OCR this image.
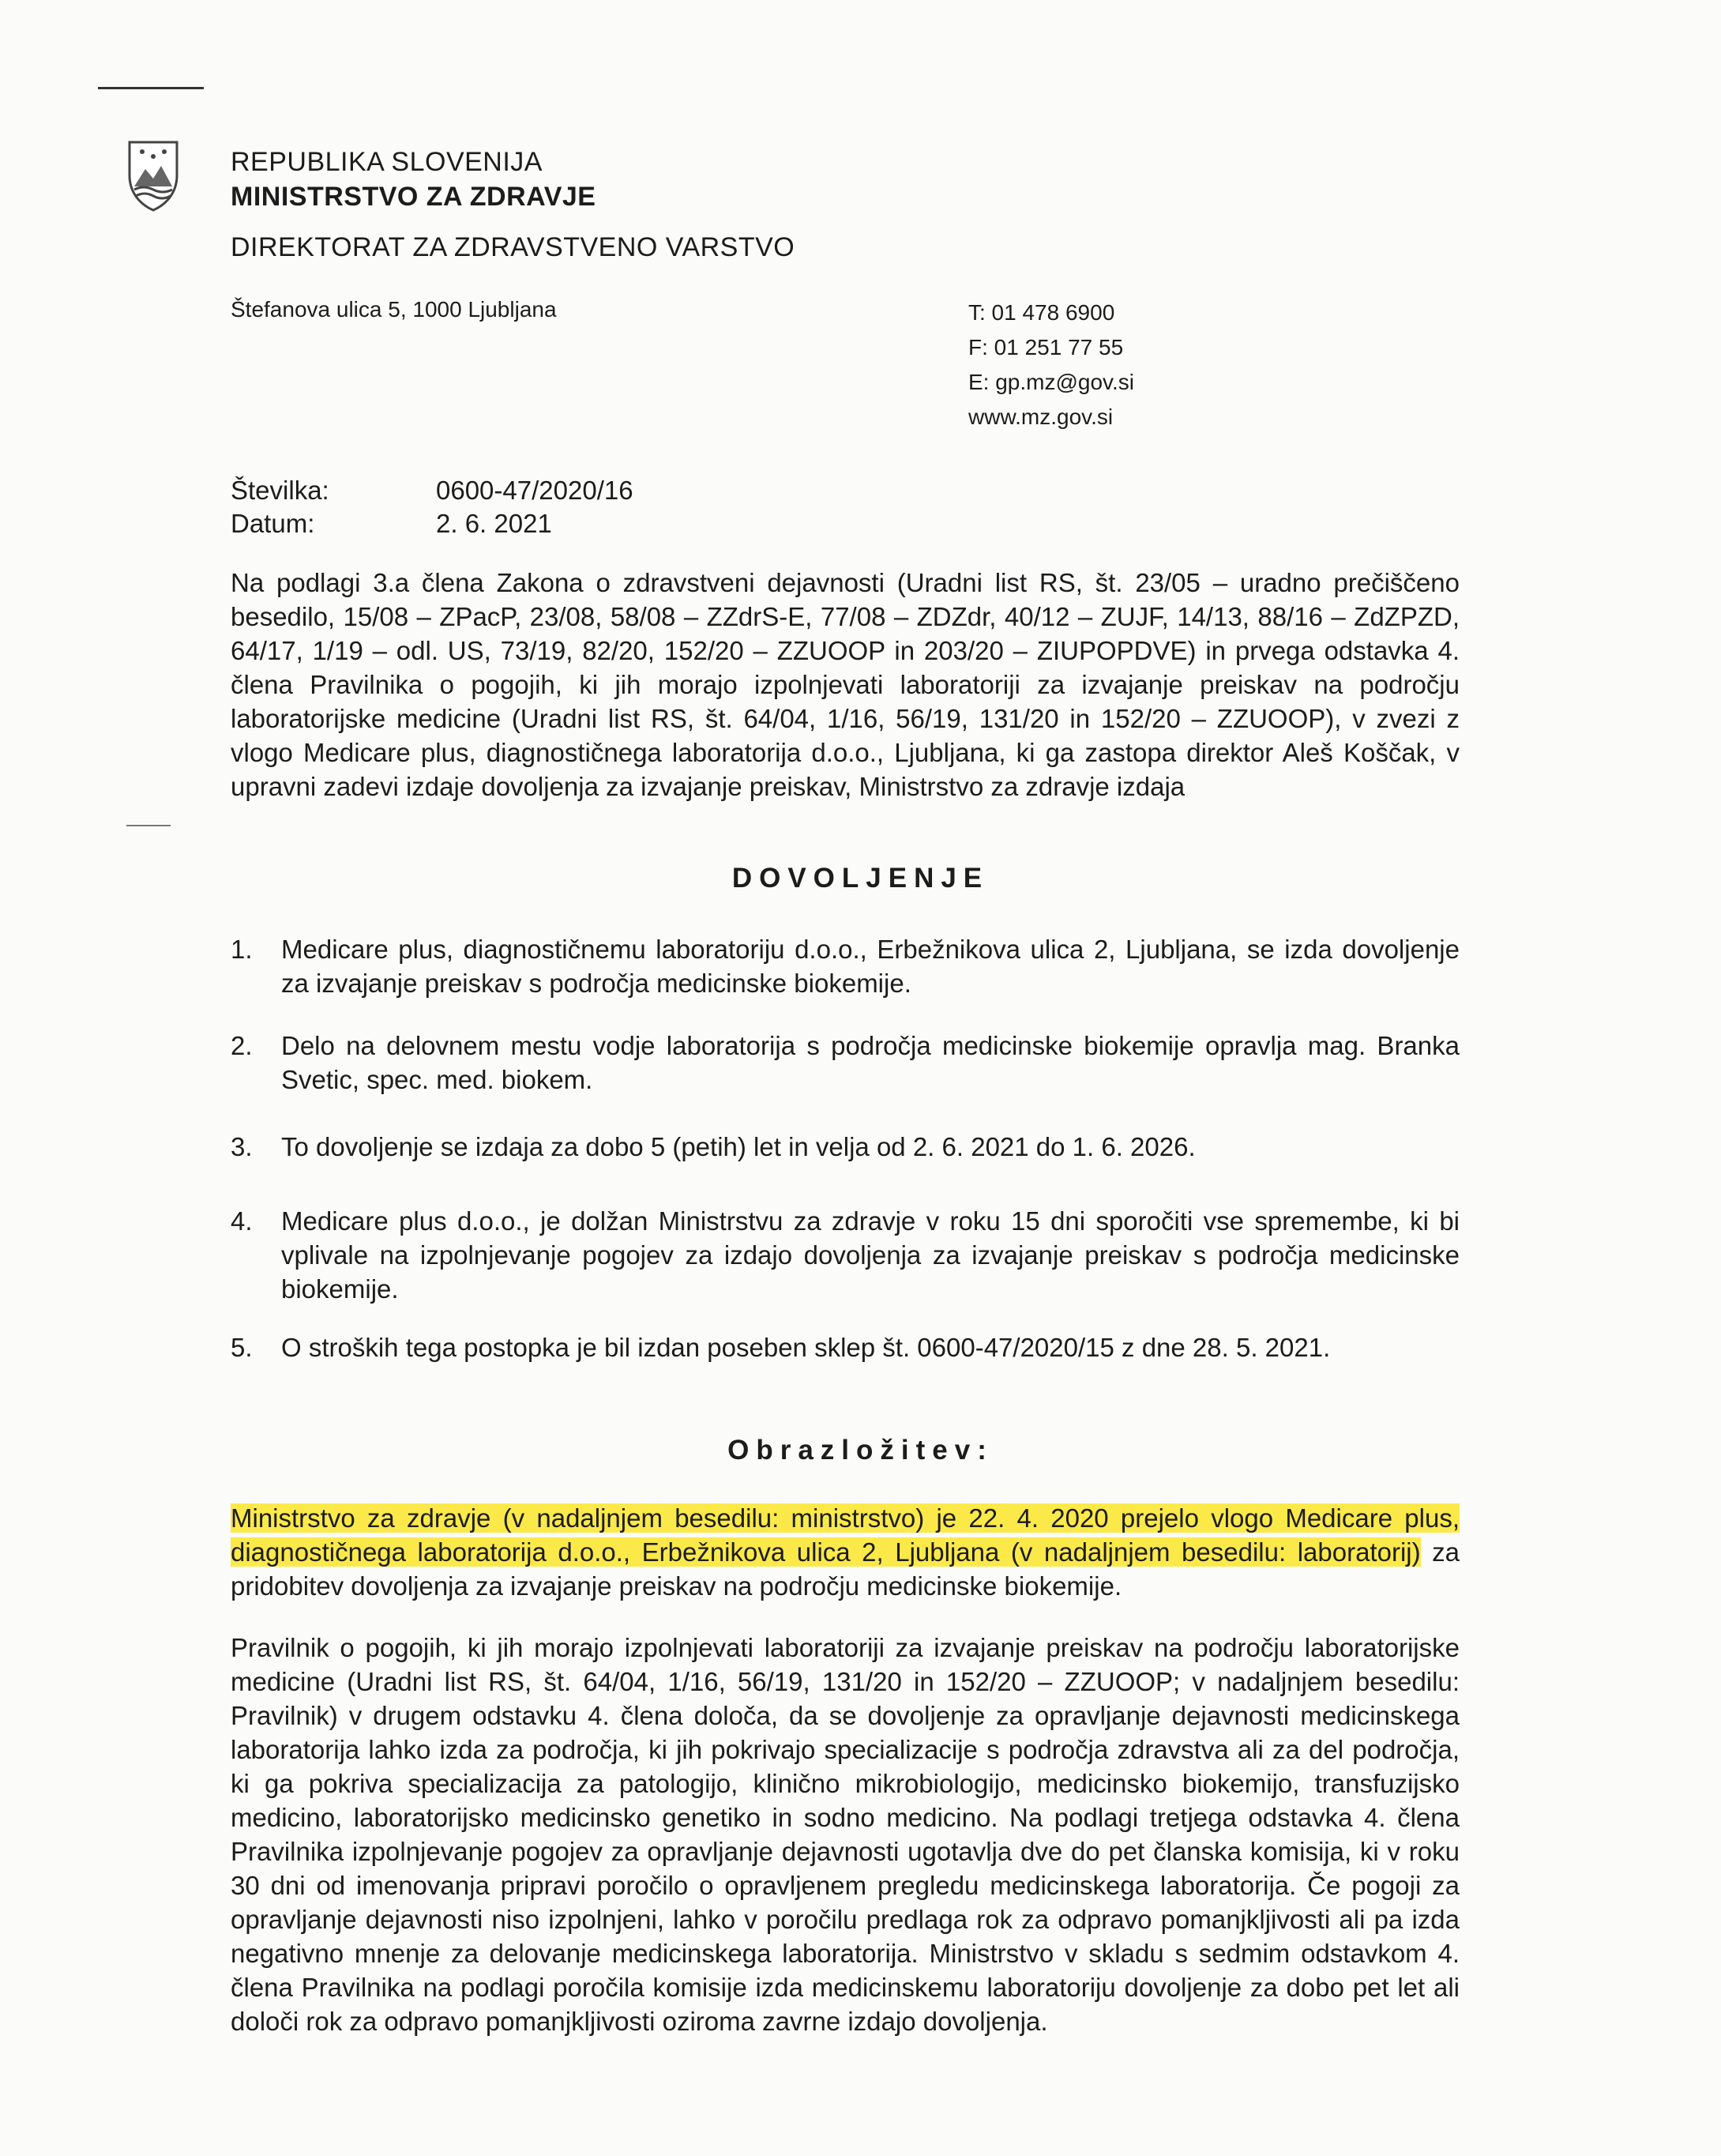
REPUBLIKA SLOVENIJA
MINISTRSTVO ZA ZDRAVJE
DIREKTORAT ZA ZDRAVSTVENO VARSTVO
Štefanova ulica 5, 1000 Ljubljana	T: 01 478 6900
F: 01 251 77 55
E: gp.mz@gov.si
www.mz.gov.si
Številka:	0600-47/2020/16
Datum:	2. 6. 2021
Na podlagi 3.a člena Zakona o zdravstveni dejavnosti (Uradni list RS, št. 23/05 – uradno prečiščeno besedilo, 15/08 – ZPacP, 23/08, 58/08 – ZZdrS-E, 77/08 – ZDZdr, 40/12 – ZUJF, 14/13, 88/16 – ZdZPZD, 64/17, 1/19 – odl. US, 73/19, 82/20, 152/20 – ZZUOOP in 203/20 – ZIUPOPDVE) in prvega odstavka 4. člena Pravilnika o pogojih, ki jih morajo izpolnjevati laboratoriji za izvajanje preiskav na področju laboratorijske medicine (Uradni list RS, št. 64/04, 1/16, 56/19, 131/20 in 152/20 – ZZUOOP), v zvezi z vlogo Medicare plus, diagnostičnega laboratorija d.o.o., Ljubljana, ki ga zastopa direktor Aleš Koščak, v upravni zadevi izdaje dovoljenja za izvajanje preiskav, Ministrstvo za zdravje izdaja
DOVOLJENJE
1.	Medicare plus, diagnostičnemu laboratoriju d.o.o., Erbežnikova ulica 2, Ljubljana, se izda dovoljenje za izvajanje preiskav s področja medicinske biokemije.
2.	Delo na delovnem mestu vodje laboratorija s področja medicinske biokemije opravlja mag. Branka Svetic, spec. med. biokem.
3.	To dovoljenje se izdaja za dobo 5 (petih) let in velja od 2. 6. 2021 do 1. 6. 2026.
4.	Medicare plus d.o.o., je dolžan Ministrstvu za zdravje v roku 15 dni sporočiti vse spremembe, ki bi vplivale na izpolnjevanje pogojev za izdajo dovoljenja za izvajanje preiskav s področja medicinske biokemije.
5.	O stroških tega postopka je bil izdan poseben sklep št. 0600-47/2020/15 z dne 28. 5. 2021.
Obrazložitev:
Ministrstvo za zdravje (v nadaljnjem besedilu: ministrstvo) je 22. 4. 2020 prejelo vlogo Medicare plus, diagnostičnega laboratorija d.o.o., Erbežnikova ulica 2, Ljubljana (v nadaljnjem besedilu: laboratorij) za pridobitev dovoljenja za izvajanje preiskav na področju medicinske biokemije.
Pravilnik o pogojih, ki jih morajo izpolnjevati laboratoriji za izvajanje preiskav na področju laboratorijske medicine (Uradni list RS, št. 64/04, 1/16, 56/19, 131/20 in 152/20 – ZZUOOP; v nadaljnjem besedilu: Pravilnik) v drugem odstavku 4. člena določa, da se dovoljenje za opravljanje dejavnosti medicinskega laboratorija lahko izda za področja, ki jih pokrivajo specializacije s področja zdravstva ali za del področja, ki ga pokriva specializacija za patologijo, klinično mikrobiologijo, medicinsko biokemijo, transfuzijsko medicino, laboratorijsko medicinsko genetiko in sodno medicino. Na podlagi tretjega odstavka 4. člena Pravilnika izpolnjevanje pogojev za opravljanje dejavnosti ugotavlja dve do pet članska komisija, ki v roku 30 dni od imenovanja pripravi poročilo o opravljenem pregledu medicinskega laboratorija. Če pogoji za opravljanje dejavnosti niso izpolnjeni, lahko v poročilu predlaga rok za odpravo pomanjkljivosti ali pa izda negativno mnenje za delovanje medicinskega laboratorija. Ministrstvo v skladu s sedmim odstavkom 4. člena Pravilnika na podlagi poročila komisije izda medicinskemu laboratoriju dovoljenje za dobo pet let ali določi rok za odpravo pomanjkljivosti oziroma zavrne izdajo dovoljenja.
